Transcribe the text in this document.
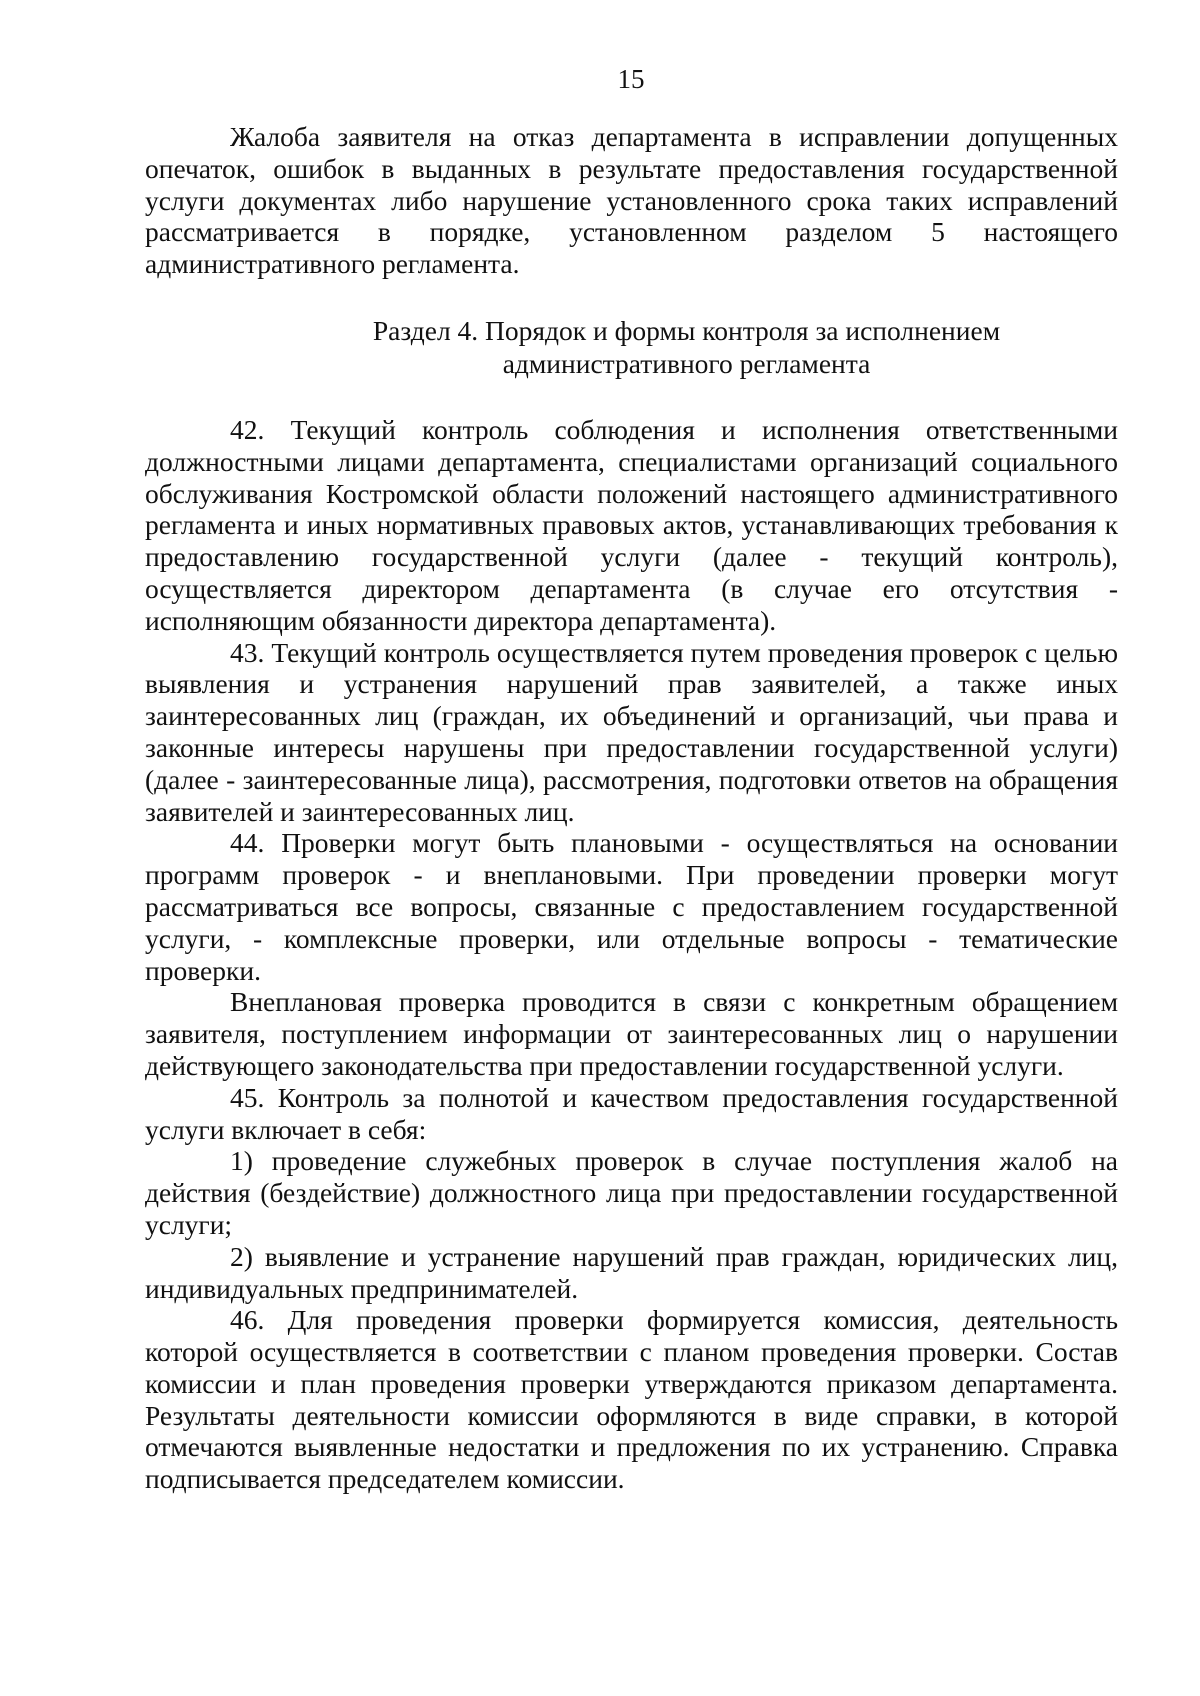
15

Жалоба заявителя на отказ департамента в исправлении допущенных опечаток, ошибок в выданных в результате предоставления государственной услуги документах либо нарушение установленного срока таких исправлений рассматривается в порядке, установленном разделом 5 настоящего административного регламента.

Раздел 4. Порядок и формы контроля за исполнением
административного регламента

42. Текущий контроль соблюдения и исполнения ответственными должностными лицами департамента, специалистами организаций социального обслуживания Костромской области положений настоящего административного регламента и иных нормативных правовых актов, устанавливающих требования к предоставлению государственной услуги (далее - текущий контроль), осуществляется директором департамента (в случае его отсутствия - исполняющим обязанности директора департамента).

43. Текущий контроль осуществляется путем проведения проверок с целью выявления и устранения нарушений прав заявителей, а также иных заинтересованных лиц (граждан, их объединений и организаций, чьи права и законные интересы нарушены при предоставлении государственной услуги) (далее - заинтересованные лица), рассмотрения, подготовки ответов на обращения заявителей и заинтересованных лиц.

44. Проверки могут быть плановыми - осуществляться на основании программ проверок - и внеплановыми. При проведении проверки могут рассматриваться все вопросы, связанные с предоставлением государственной услуги, - комплексные проверки, или отдельные вопросы - тематические проверки.

Внеплановая проверка проводится в связи с конкретным обращением заявителя, поступлением информации от заинтересованных лиц о нарушении действующего законодательства при предоставлении государственной услуги.

45. Контроль за полнотой и качеством предоставления государственной услуги включает в себя:

1) проведение служебных проверок в случае поступления жалоб на действия (бездействие) должностного лица при предоставлении государственной услуги;

2) выявление и устранение нарушений прав граждан, юридических лиц, индивидуальных предпринимателей.

46. Для проведения проверки формируется комиссия, деятельность которой осуществляется в соответствии с планом проведения проверки. Состав комиссии и план проведения проверки утверждаются приказом департамента. Результаты деятельности комиссии оформляются в виде справки, в которой отмечаются выявленные недостатки и предложения по их устранению. Справка подписывается председателем комиссии.
